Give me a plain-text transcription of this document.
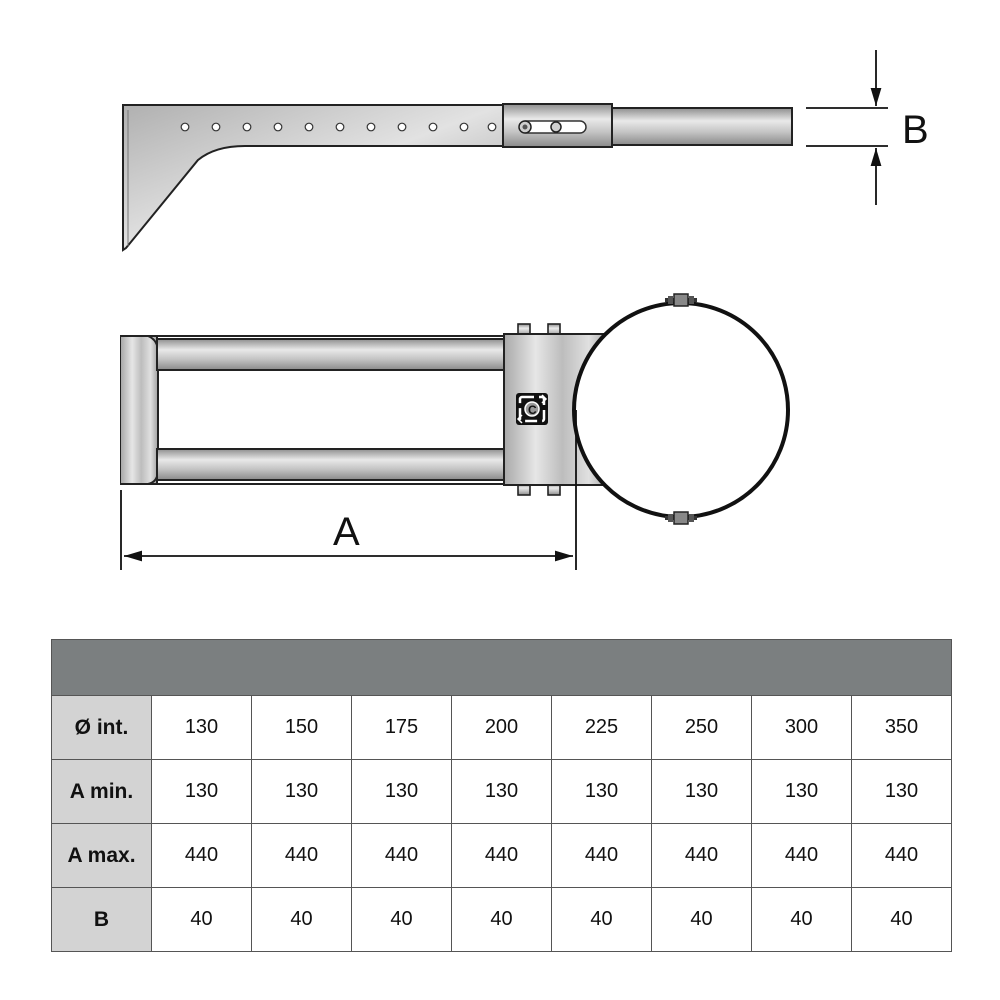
B
C
A

Ø int.	130	150	175	200	225	250	300	350
A min.	130	130	130	130	130	130	130	130
A max.	440	440	440	440	440	440	440	440
B	40	40	40	40	40	40	40	40
